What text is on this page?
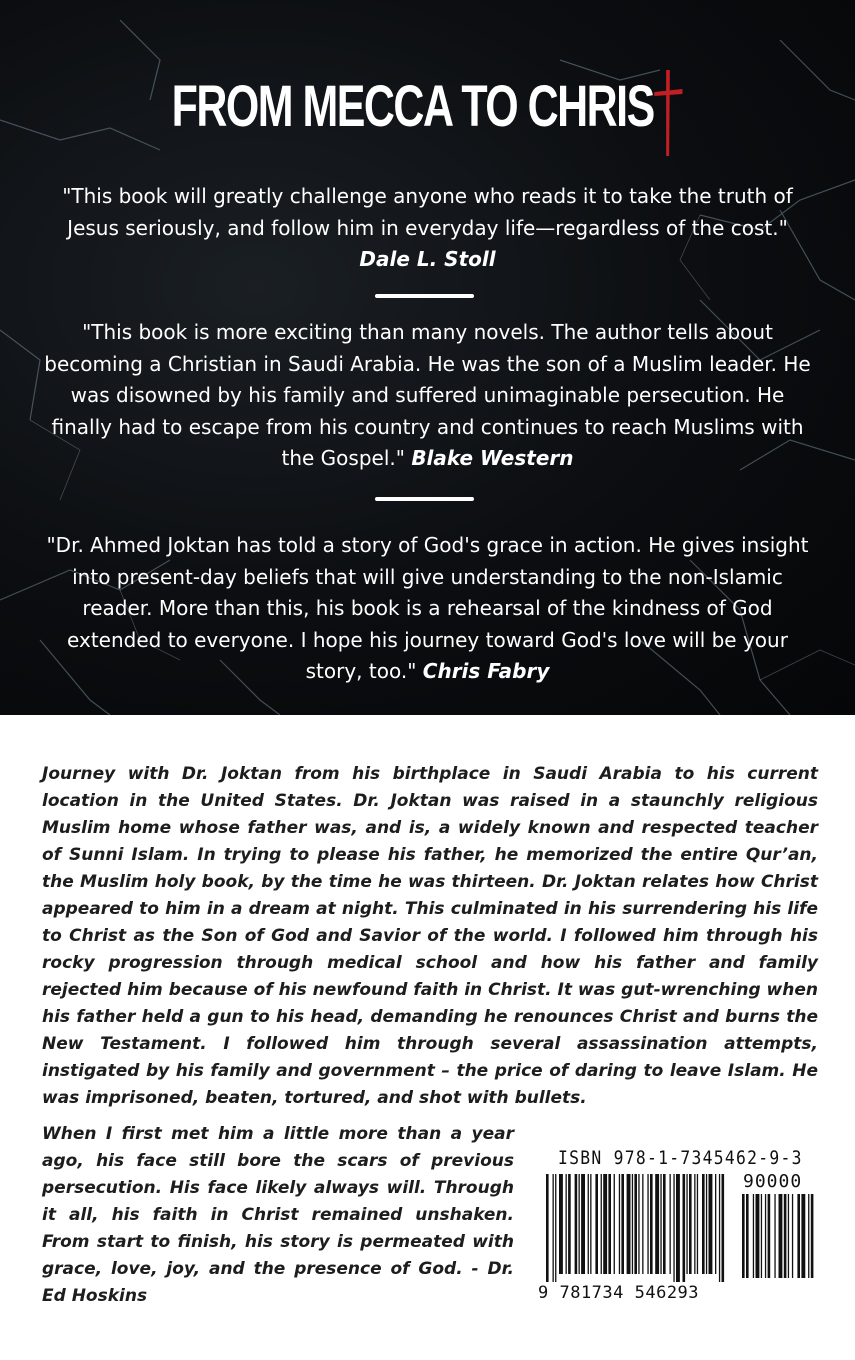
FROM MECCA TO CHRIS
"This book will greatly challenge anyone who reads it to take the truth of Jesus seriously, and follow him in everyday life—regardless of the cost."
Dale L. Stoll
"This book is more exciting than many novels. The author tells about becoming a Christian in Saudi Arabia. He was the son of a Muslim leader. He was disowned by his family and suffered unimaginable persecution. He finally had to escape from his country and continues to reach Muslims with the Gospel." Blake Western
"Dr. Ahmed Joktan has told a story of God's grace in action. He gives insight into present-day beliefs that will give understanding to the non-Islamic reader. More than this, his book is a rehearsal of the kindness of God extended to everyone. I hope his journey toward God's love will be your story, too." Chris Fabry
Journey with Dr. Joktan from his birthplace in Saudi Arabia to his current location in the United States. Dr. Joktan was raised in a staunchly religious Muslim home whose father was, and is, a widely known and respected teacher of Sunni Islam. In trying to please his father, he memorized the entire Qur’an, the Muslim holy book, by the time he was thirteen. Dr. Joktan relates how Christ appeared to him in a dream at night. This culminated in his surrendering his life to Christ as the Son of God and Savior of the world. I followed him through his rocky progression through medical school and how his father and family rejected him because of his newfound faith in Christ. It was gut-wrenching when his father held a gun to his head, demanding he renounces Christ and burns the New Testament. I followed him through several assassination attempts, instigated by his family and government – the price of daring to leave Islam. He was imprisoned, beaten, tortured, and shot with bullets.
When I first met him a little more than a year ago, his face still bore the scars of previous persecution. His face likely always will. Through it all, his faith in Christ remained unshaken. From start to finish, his story is permeated with grace, love, joy, and the presence of God. - Dr. Ed Hoskins
ISBN 978-1-7345462-9-3
90000
9 781734 546293
